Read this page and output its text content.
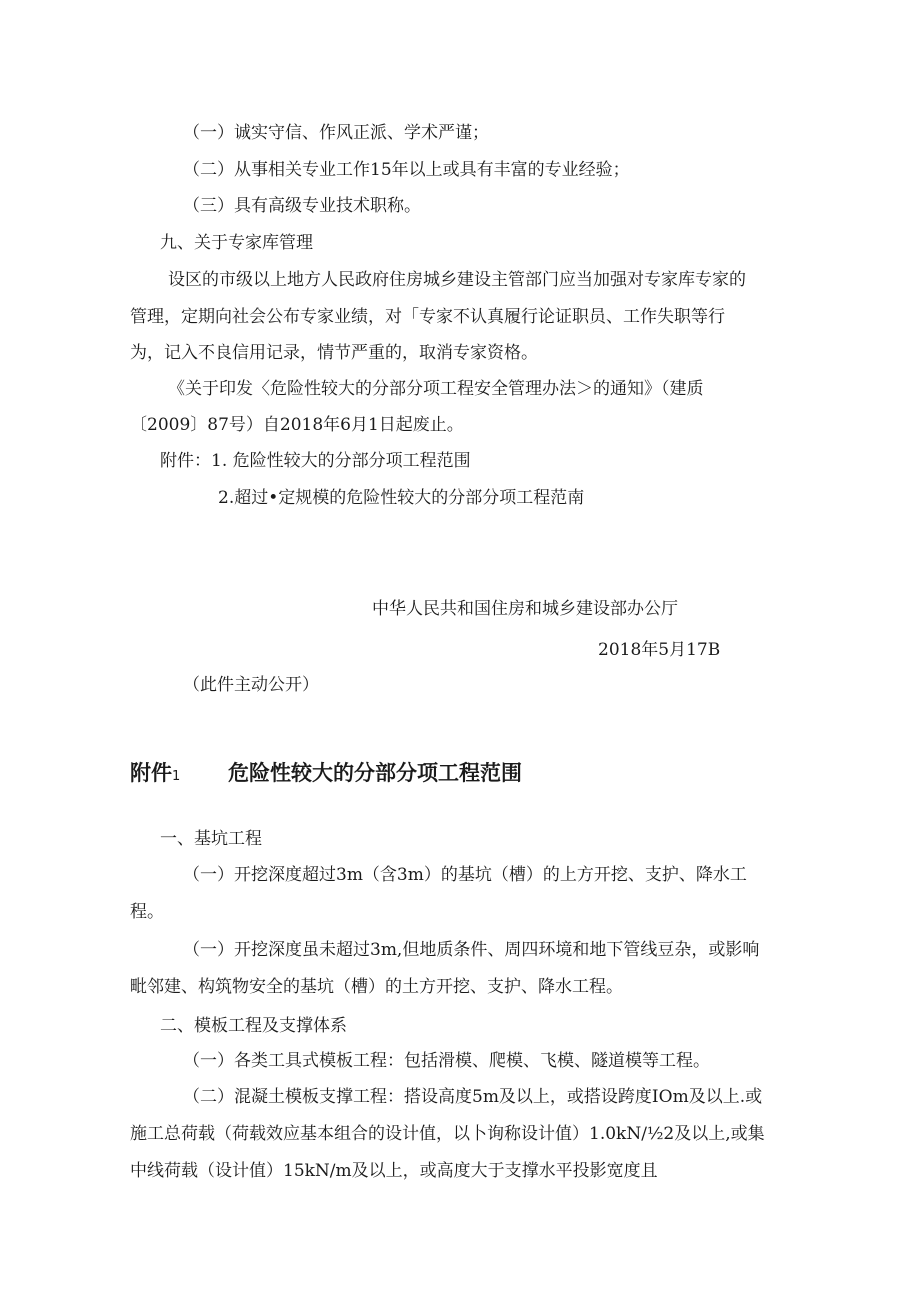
（一）诚实守信、作风正派、学术严谨；
（二）从事相关专业工作15年以上或具有丰富的专业经验；
（三）具有高级专业技术职称。
九、关于专家库管理
设区的市级以上地方人民政府住房城乡建设主管部门应当加强对专家库专家的
管理，定期向社会公布专家业绩，对「专家不认真履行论证职员、工作失职等行
为，记入不良信用记录，情节严重的，取消专家资格。
《关于印发〈危险性较大的分部分项工程安全管理办法＞的通知》（建质
〔2009〕87号）自2018年6月1日起废止。
附件：1. 危险性较大的分部分项工程范围
2.超过•定规模的危险性较大的分部分项工程范南
中华人民共和国住房和城乡建设部办公厅
2018年5月17B
（此件主动公开）
附件1 危险性较大的分部分项工程范围
一、基坑工程
（一）开挖深度超过3m（含3m）的基坑（槽）的上方开挖、支护、降水工
程。
（一）开挖深度虽未超过3m,但地质条件、周四环境和地下管线豆杂，或影响
毗邻建、构筑物安全的基坑（槽）的土方开挖、支护、降水工程。
二、模板工程及支撑体系
（一）各类工具式模板工程：包括滑模、爬模、飞模、隧道模等工程。
（二）混凝土模板支撑工程：搭设高度5m及以上，或搭设跨度IOm及以上.或
施工总荷载（荷载效应基本组合的设计值，以卜询称设计值）1.0kN∕½2及以上,或集
中线荷载（设计值）15kN∕m及以上，或高度大于支撑水平投影宽度且
